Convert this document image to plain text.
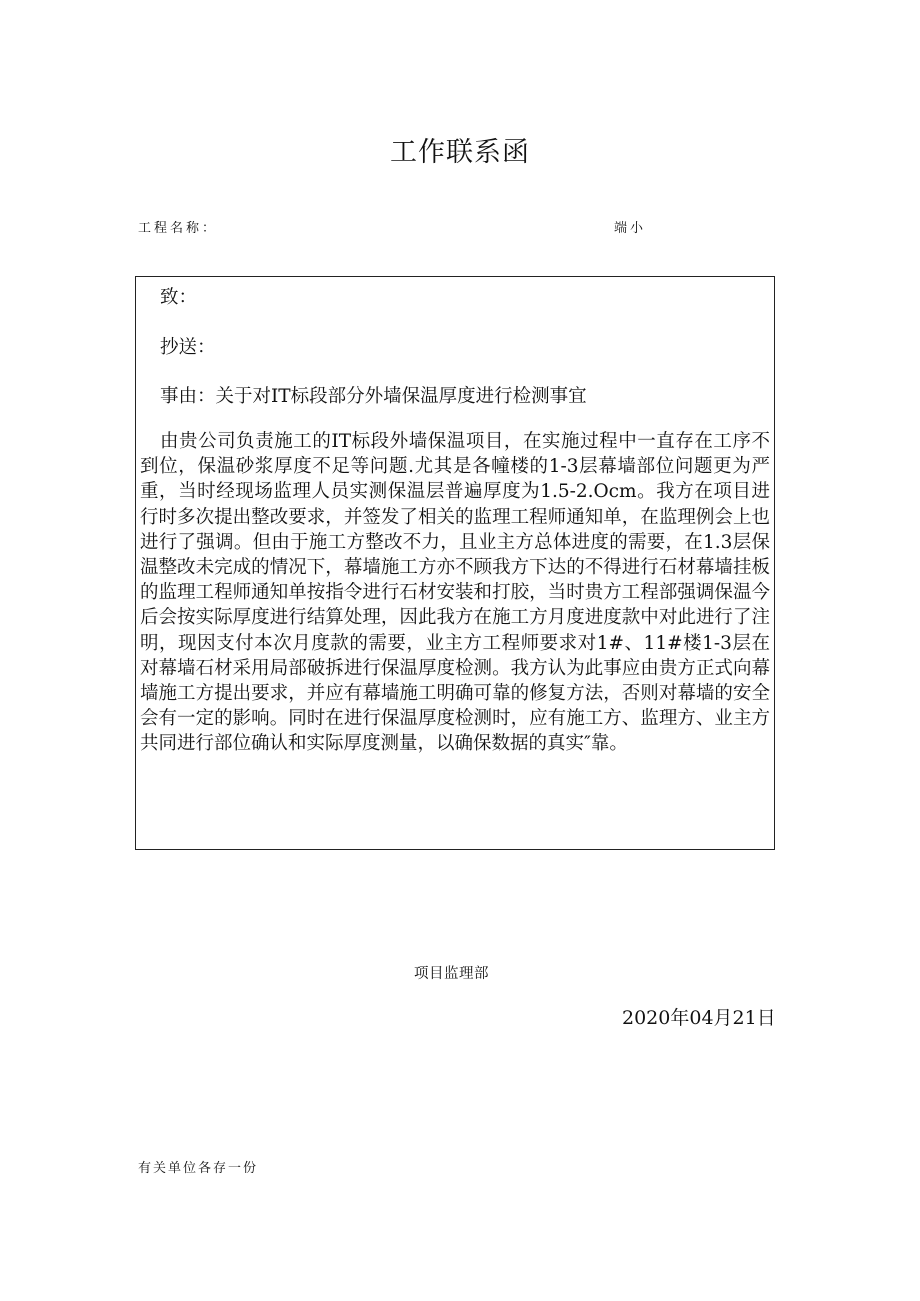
工作联系函
工程名称：	端小
致：
抄送：
事由：关于对IT标段部分外墙保温厚度进行检测事宜

由贵公司负责施工的IT标段外墙保温项目，在实施过程中一直存在工序不到位，保温砂浆厚度不足等问题.尤其是各幢楼的1-3层幕墙部位问题更为严重，当时经现场监理人员实测保温层普遍厚度为1.5-2.Ocm。我方在项目进行时多次提出整改要求，并签发了相关的监理工程师通知单，在监理例会上也进行了强调。但由于施工方整改不力，且业主方总体进度的需要，在1.3层保温整改未完成的情况下，幕墙施工方亦不顾我方下达的不得进行石材幕墙挂板的监理工程师通知单按指令进行石材安装和打胶，当时贵方工程部强调保温今后会按实际厚度进行结算处理，因此我方在施工方月度进度款中对此进行了注明，现因支付本次月度款的需要，业主方工程师要求对1#、11#楼1-3层在对幕墙石材采用局部破拆进行保温厚度检测。我方认为此事应由贵方正式向幕墙施工方提出要求，并应有幕墙施工明确可靠的修复方法，否则对幕墙的安全会有一定的影响。同时在进行保温厚度检测时，应有施工方、监理方、业主方共同进行部位确认和实际厚度测量，以确保数据的真实″靠。

项目监理部
2020年04月21日
有关单位各存一份
